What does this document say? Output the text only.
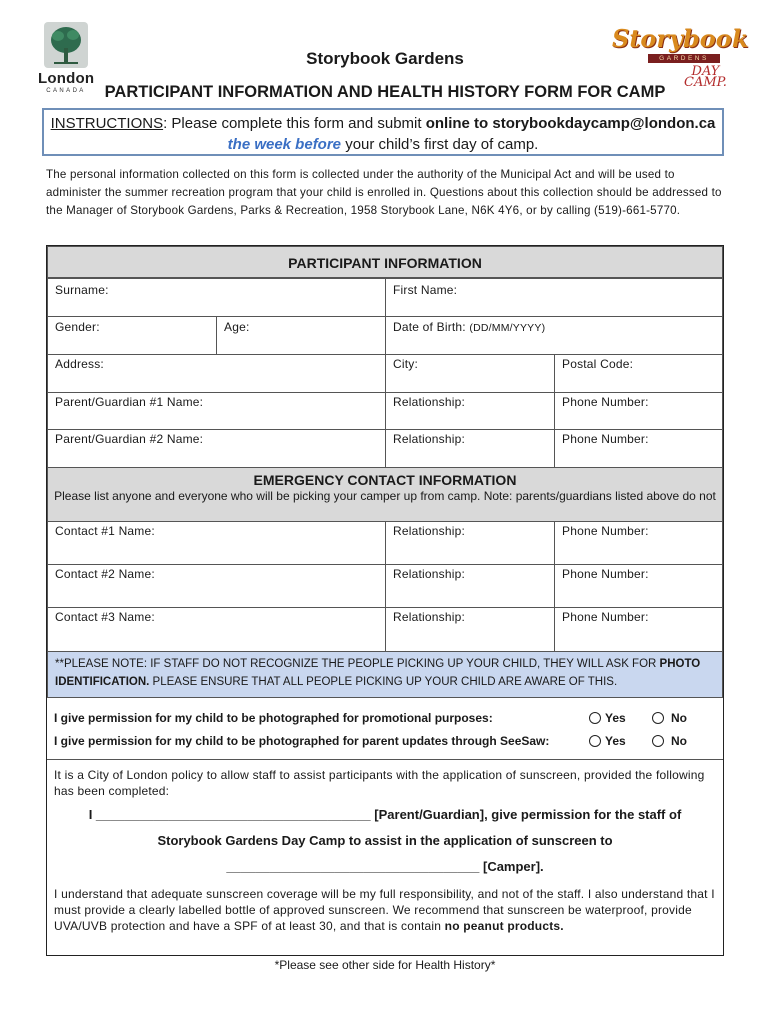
London
CANADA
Storybook
GARDENS
DAY
CAMP.
Storybook Gardens
PARTICIPANT INFORMATION AND HEALTH HISTORY FORM FOR CAMP
INSTRUCTIONS: Please complete this form and submit online to storybookdaycamp@london.ca
the week before your child’s first day of camp.
The personal information collected on this form is collected under the authority of the Municipal Act and will be used to administer the summer recreation program that your child is enrolled in. Questions about this collection should be addressed to the Manager of Storybook Gardens, Parks & Recreation, 1958 Storybook Lane, N6K 4Y6, or by calling (519)-661-5770.
PARTICIPANT INFORMATION
Surname:	First Name:
Gender:	Age:	Date of Birth: (DD/MM/YYYY)
Address:	City:	Postal Code:
Parent/Guardian #1 Name:	Relationship:	Phone Number:
Parent/Guardian #2 Name:	Relationship:	Phone Number:
EMERGENCY CONTACT INFORMATION
Please list anyone and everyone who will be picking your camper up from camp. Note: parents/guardians listed above do not
Contact #1 Name:	Relationship:	Phone Number:
Contact #2 Name:	Relationship:	Phone Number:
Contact #3 Name:	Relationship:	Phone Number:
**PLEASE NOTE: IF STAFF DO NOT RECOGNIZE THE PEOPLE PICKING UP YOUR CHILD, THEY WILL ASK FOR PHOTO IDENTIFICATION. PLEASE ENSURE THAT ALL PEOPLE PICKING UP YOUR CHILD ARE AWARE OF THIS.
I give permission for my child to be photographed for promotional purposes:	Yes	No
I give permission for my child to be photographed for parent updates through SeeSaw:	Yes	No
It is a City of London policy to allow staff to assist participants with the application of sunscreen, provided the following has been completed:
I ______________________________________ [Parent/Guardian], give permission for the staff of
Storybook Gardens Day Camp to assist in the application of sunscreen to
___________________________________ [Camper].
I understand that adequate sunscreen coverage will be my full responsibility, and not of the staff. I also understand that I must provide a clearly labelled bottle of approved sunscreen. We recommend that sunscreen be waterproof, provide UVA/UVB protection and have a SPF of at least 30, and that is contain no peanut products.
*Please see other side for Health History*
